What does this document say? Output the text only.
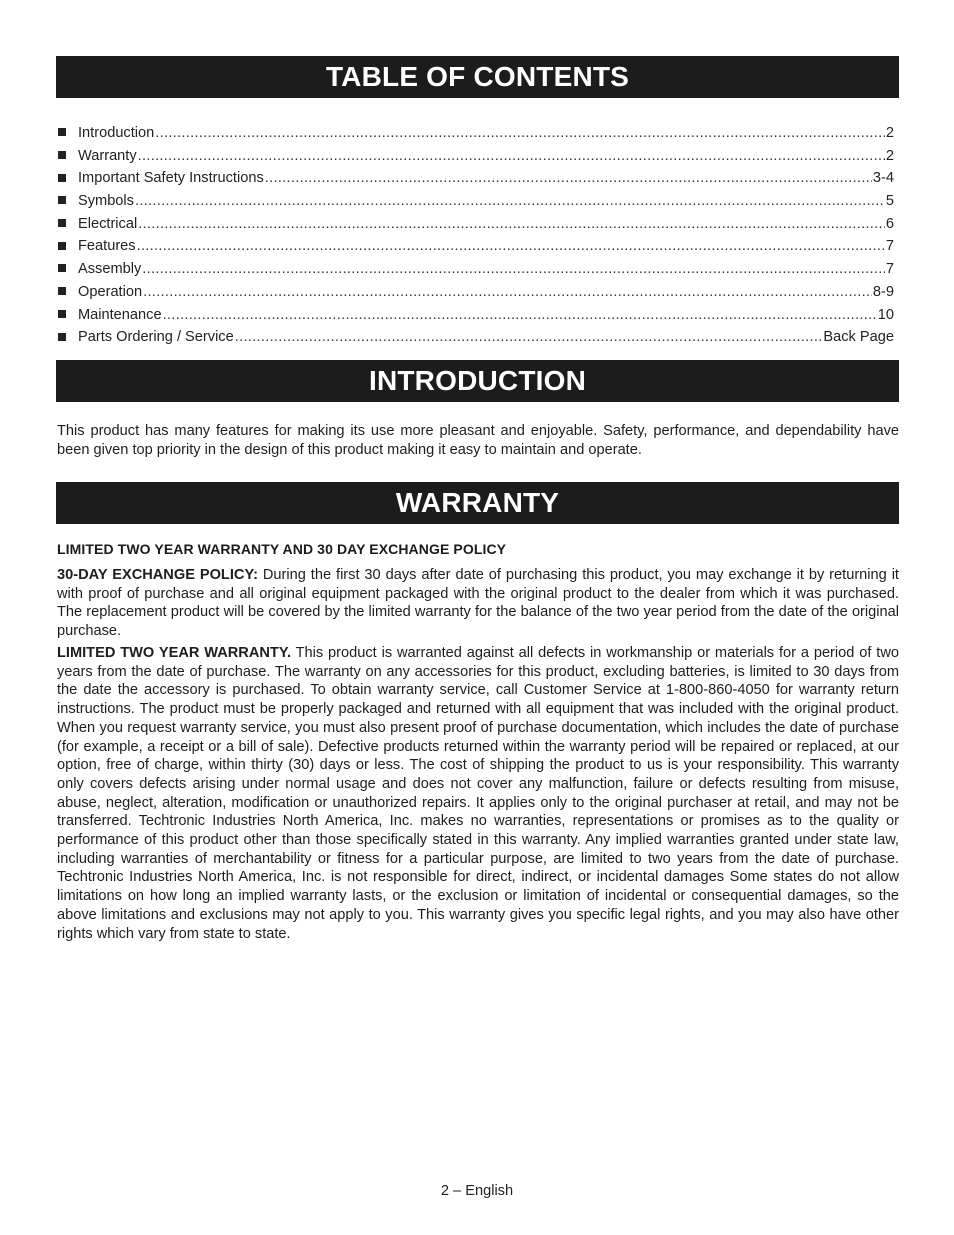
TABLE OF CONTENTS
Introduction .....	2
Warranty .....	2
Important Safety Instructions .....	3-4
Symbols .....	5
Electrical .....	6
Features .....	7
Assembly .....	7
Operation .....	8-9
Maintenance .....	10
Parts Ordering / Service .....	Back Page
INTRODUCTION

This product has many features for making its use more pleasant and enjoyable. Safety, performance, and dependability have been given top priority in the design of this product making it easy to maintain and operate.

WARRANTY

LIMITED TWO YEAR WARRANTY AND 30 DAY EXCHANGE POLICY

30-DAY EXCHANGE POLICY: During the first 30 days after date of purchasing this product, you may exchange it by returning it with proof of purchase and all original equipment packaged with the original product to the dealer from which it was purchased. The replacement product will be covered by the limited warranty for the balance of the two year period from the date of the original purchase.

LIMITED TWO YEAR WARRANTY. This product is warranted against all defects in workmanship or materials for a period of two years from the date of purchase. The warranty on any accessories for this product, excluding batteries, is limited to 30 days from the date the accessory is purchased. To obtain warranty service, call Customer Service at 1-800-860-4050 for warranty return instructions. The product must be properly packaged and returned with all equipment that was included with the original product. When you request warranty service, you must also present proof of purchase documentation, which includes the date of purchase (for example, a receipt or a bill of sale). Defective products returned within the warranty period will be repaired or replaced, at our option, free of charge, within thirty (30) days or less. The cost of shipping the product to us is your responsibility. This warranty only covers defects arising under normal usage and does not cover any malfunction, failure or defects resulting from misuse, abuse, neglect, alteration, modification or unauthorized repairs. It applies only to the original purchaser at retail, and may not be transferred. Techtronic Industries North America, Inc. makes no warranties, representations or promises as to the quality or performance of this product other than those specifically stated in this warranty. Any implied warranties granted under state law, including warranties of merchantability or fitness for a particular purpose, are limited to two years from the date of purchase. Techtronic Industries North America, Inc. is not responsible for direct, indirect, or incidental damages Some states do not allow limitations on how long an implied warranty lasts, or the exclusion or limitation of incidental or consequential damages, so the above limitations and exclusions may not apply to you. This warranty gives you specific legal rights, and you may also have other rights which vary from state to state.

2 – English
